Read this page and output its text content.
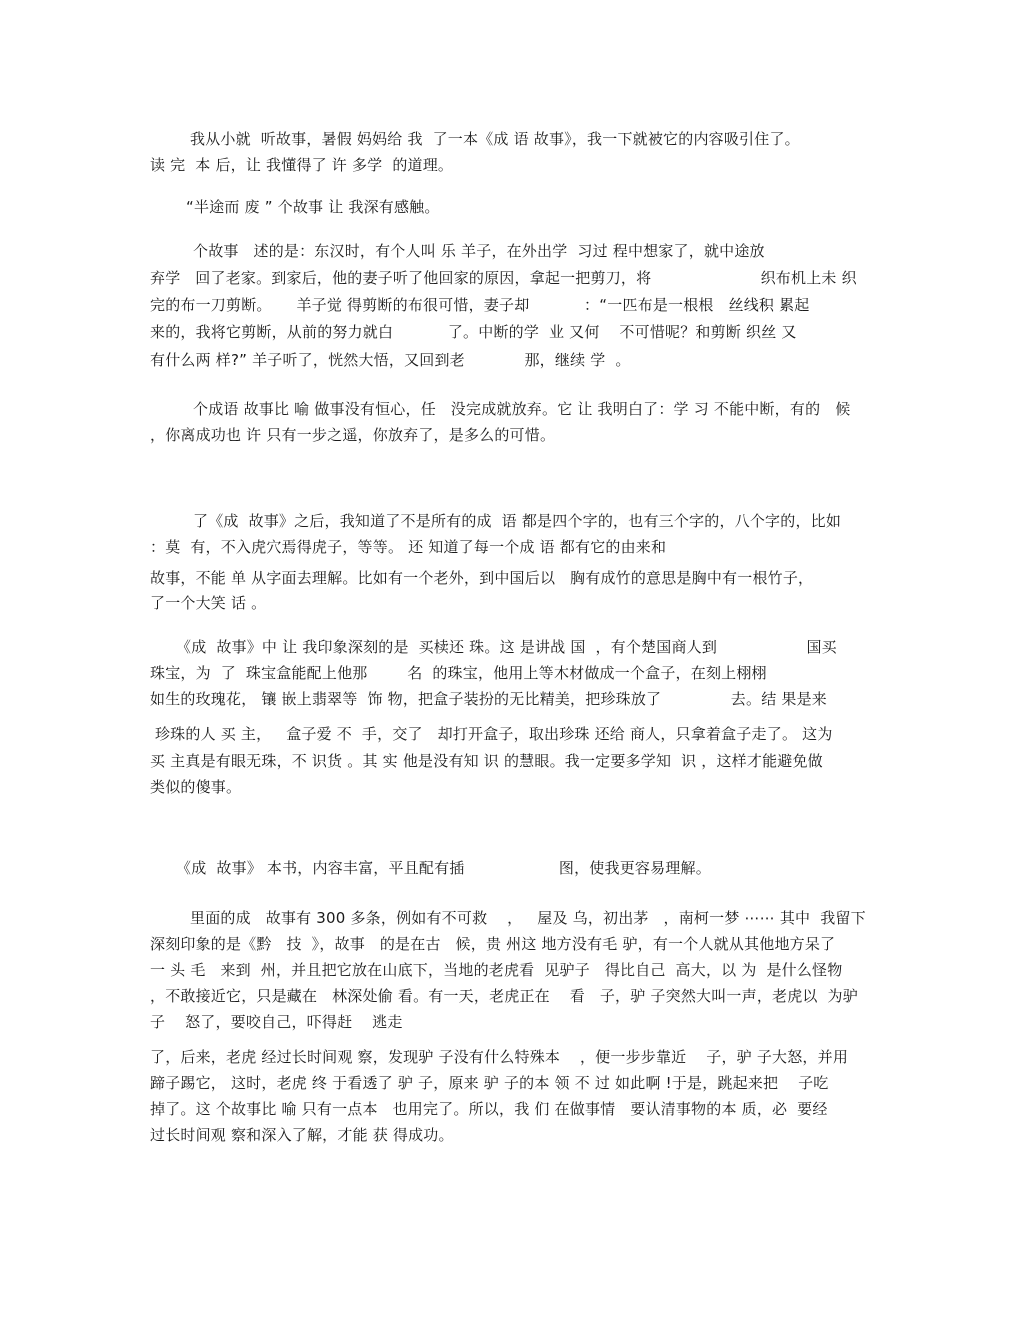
我从小就  听故事，暑假 妈妈给 我  了一本《成 语 故事》，我一下就被它的内容吸引住了。
读 完  本 后，让 我懂得了 许 多学  的道理。
“半途而 废 ” 个故事 让 我深有感触。
个故事   述的是：东汉时，有个人叫 乐 羊子，在外出学  习过 程中想家了，就中途放
弃学   回了老家。到家后，他的妻子听了他回家的原因，拿起一把剪刀，将                      织布机上未 织
完的布一刀剪断。     羊子觉 得剪断的布很可惜，妻子却           ：“一匹布是一根根   丝线积 累起
来的，我将它剪断，从前的努力就白           了。中断的学  业 又何    不可惜呢？和剪断 织丝 又
有什么两 样?” 羊子听了，恍然大悟，又回到老            那，继续 学  。
个成语 故事比 喻 做事没有恒心，任   没完成就放弃。它 让 我明白了：学 习 不能中断，有的   候
，你离成功也 许 只有一步之遥，你放弃了，是多么的可惜。
了《成  故事》之后，我知道了不是所有的成  语 都是四个字的，也有三个字的，八个字的，比如
：莫  有，不入虎穴焉得虎子，等等。 还 知道了每一个成 语 都有它的由来和
故事，不能 单 从字面去理解。比如有一个老外，到中国后以   胸有成竹的意思是胸中有一根竹子，
了一个大笑 话 。
《成  故事》中 让 我印象深刻的是  买椟还 珠。这 是讲战 国  ，有个楚国商人到                  国买
珠宝，为  了  珠宝盒能配上他那        名  的珠宝，他用上等木材做成一个盒子，在刻上栩栩
如生的玫瑰花， 镶 嵌上翡翠等  饰 物，把盒子装扮的无比精美，把珍珠放了              去。结 果是来
珍珠的人 买 主，   盒子爱 不  手，交了   却打开盒子，取出珍珠 还给 商人，只拿着盒子走了。 这为
买 主真是有眼无珠，不 识货 。其 实 他是没有知 识 的慧眼。我一定要多学知  识 ，这样才能避免做
类似的傻事。
《成  故事》 本书，内容丰富，平且配有插                   图，使我更容易理解。
里面的成   故事有 300 多条，例如有不可救    ，   屋及 乌，初出茅   ，南柯一梦 ⋯⋯ 其中  我留下
深刻印象的是《黔   技  》，故事   的是在古   候，贵 州这 地方没有毛 驴，有一个人就从其他地方呆了
一 头 毛   来到  州，并且把它放在山底下，当地的老虎看  见驴子   得比自己  高大，以 为  是什么怪物
，不敢接近它，只是藏在   林深处偷 看。有一天，老虎正在    看   子，驴 子突然大叫一声，老虎以  为驴
子    怒了，要咬自己，吓得赶    逃走
了，后来，老虎 经过长时间观 察，发现驴 子没有什么特殊本    ，便一步步靠近    子，驴 子大怒，并用
蹄子踢它， 这时，老虎 终 于看透了 驴 子，原来 驴 子的本 领 不 过 如此啊 !于是，跳起来把    子吃
掉了。这 个故事比 喻 只有一点本   也用完了。所以，我 们 在做事情   要认清事物的本 质，必  要经
过长时间观 察和深入了解，才能 获 得成功。
